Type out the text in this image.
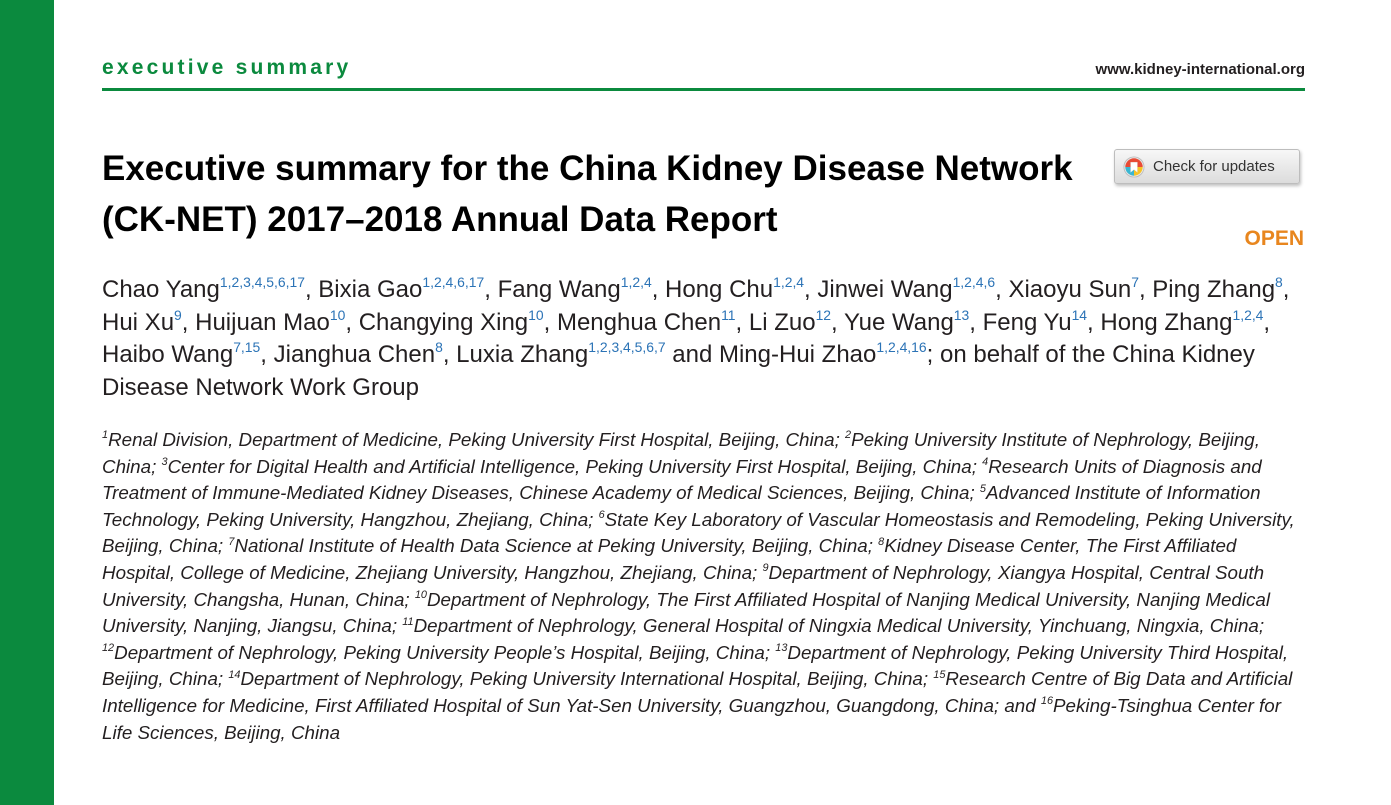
executive summary	www.kidney-international.org
Executive summary for the China Kidney Disease Network (CK-NET) 2017–2018 Annual Data Report
Check for updates
OPEN

Chao Yang$^{1,2,3,4,5,6,17}$, Bixia Gao$^{1,2,4,6,17}$, Fang Wang$^{1,2,4}$, Hong Chu$^{1,2,4}$, Jinwei Wang$^{1,2,4,6}$, Xiaoyu Sun$^7$, Ping Zhang$^8$, Hui Xu$^9$, Huijuan Mao$^{10}$, Changying Xing$^{10}$, Menghua Chen$^{11}$, Li Zuo$^{12}$, Yue Wang$^{13}$, Feng Yu$^{14}$, Hong Zhang$^{1,2,4}$, Haibo Wang$^{7,15}$, Jianghua Chen$^8$, Luxia Zhang$^{1,2,3,4,5,6,7}$ and Ming-Hui Zhao$^{1,2,4,16}$; on behalf of the China Kidney Disease Network Work Group

$^1$Renal Division, Department of Medicine, Peking University First Hospital, Beijing, China; $^2$Peking University Institute of Nephrology, Beijing, China; $^3$Center for Digital Health and Artificial Intelligence, Peking University First Hospital, Beijing, China; $^4$Research Units of Diagnosis and Treatment of Immune-Mediated Kidney Diseases, Chinese Academy of Medical Sciences, Beijing, China; $^5$Advanced Institute of Information Technology, Peking University, Hangzhou, Zhejiang, China; $^6$State Key Laboratory of Vascular Homeostasis and Remodeling, Peking University, Beijing, China; $^7$National Institute of Health Data Science at Peking University, Beijing, China; $^8$Kidney Disease Center, The First Affiliated Hospital, College of Medicine, Zhejiang University, Hangzhou, Zhejiang, China; $^9$Department of Nephrology, Xiangya Hospital, Central South University, Changsha, Hunan, China; $^{10}$Department of Nephrology, The First Affiliated Hospital of Nanjing Medical University, Nanjing Medical University, Nanjing, Jiangsu, China; $^{11}$Department of Nephrology, General Hospital of Ningxia Medical University, Yinchuang, Ningxia, China; $^{12}$Department of Nephrology, Peking University People’s Hospital, Beijing, China; $^{13}$Department of Nephrology, Peking University Third Hospital, Beijing, China; $^{14}$Department of Nephrology, Peking University International Hospital, Beijing, China; $^{15}$Research Centre of Big Data and Artificial Intelligence for Medicine, First Affiliated Hospital of Sun Yat-Sen University, Guangzhou, Guangdong, China; and $^{16}$Peking-Tsinghua Center for Life Sciences, Beijing, China
